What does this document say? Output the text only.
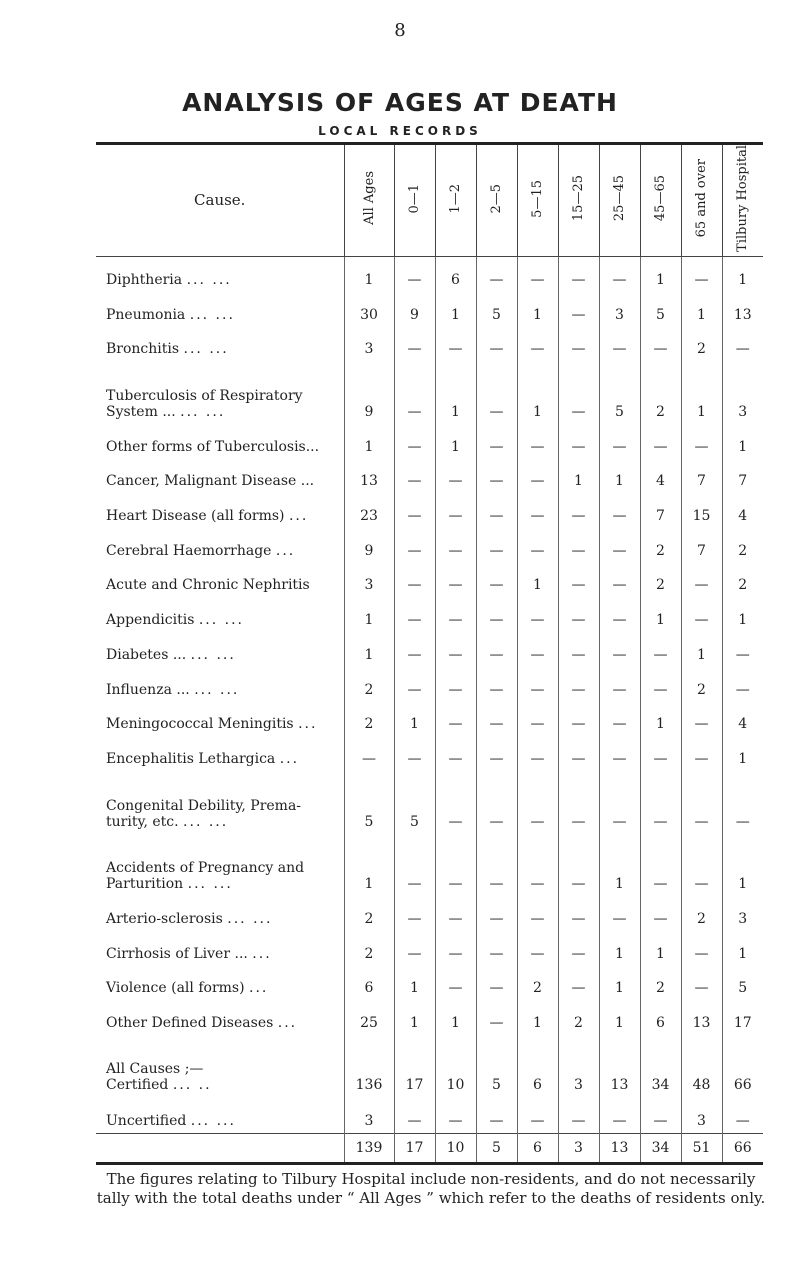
8
ANALYSIS OF AGES AT DEATH
LOCAL RECORDS
Cause.	All Ages	0—1	1—2	2—5	5—15	15—25	25—45	45—65	65 and over	Tilbury Hospital
Diphtheria ... ...	1	—	6	—	—	—	—	1	—	1
Pneumonia ... ...	30	9	1	5	1	—	3	5	1	13
Bronchitis ... ...	3	—	—	—	—	—	—	—	2	—
Tuberculosis of Respiratory
System ... ... ...	9	—	1	—	1	—	5	2	1	3
Other forms of Tuberculosis...	1	—	1	—	—	—	—	—	—	1
Cancer, Malignant Disease ...	13	—	—	—	—	1	1	4	7	7
Heart Disease (all forms) ...	23	—	—	—	—	—	—	7	15	4
Cerebral Haemorrhage ...	9	—	—	—	—	—	—	2	7	2
Acute and Chronic Nephritis	3	—	—	—	1	—	—	2	—	2
Appendicitis ... ...	1	—	—	—	—	—	—	1	—	1
Diabetes ... ... ...	1	—	—	—	—	—	—	—	1	—
Influenza ... ... ...	2	—	—	—	—	—	—	—	2	—
Meningococcal Meningitis ...	2	1	—	—	—	—	—	1	—	4
Encephalitis Lethargica ...	—	—	—	—	—	—	—	—	—	1
Congenital Debility, Prema-
turity, etc. ... ...	5	5	—	—	—	—	—	—	—	—
Accidents of Pregnancy and
Parturition ... ...	1	—	—	—	—	—	1	—	—	1
Arterio-sclerosis ... ...	2	—	—	—	—	—	—	—	2	3
Cirrhosis of Liver ... ...	2	—	—	—	—	—	1	1	—	1
Violence (all forms) ...	6	1	—	—	2	—	1	2	—	5
Other Defined Diseases ...	25	1	1	—	1	2	1	6	13	17
All Causes ;—
Certified ... ..	136	17	10	5	6	3	13	34	48	66
Uncertified ... ...	3	—	—	—	—	—	—	—	3	—
	139	17	10	5	6	3	13	34	51	66
The figures relating to Tilbury Hospital include non-residents, and do not necessarily tally with the total deaths under “ All Ages ” which refer to the deaths of residents only.
